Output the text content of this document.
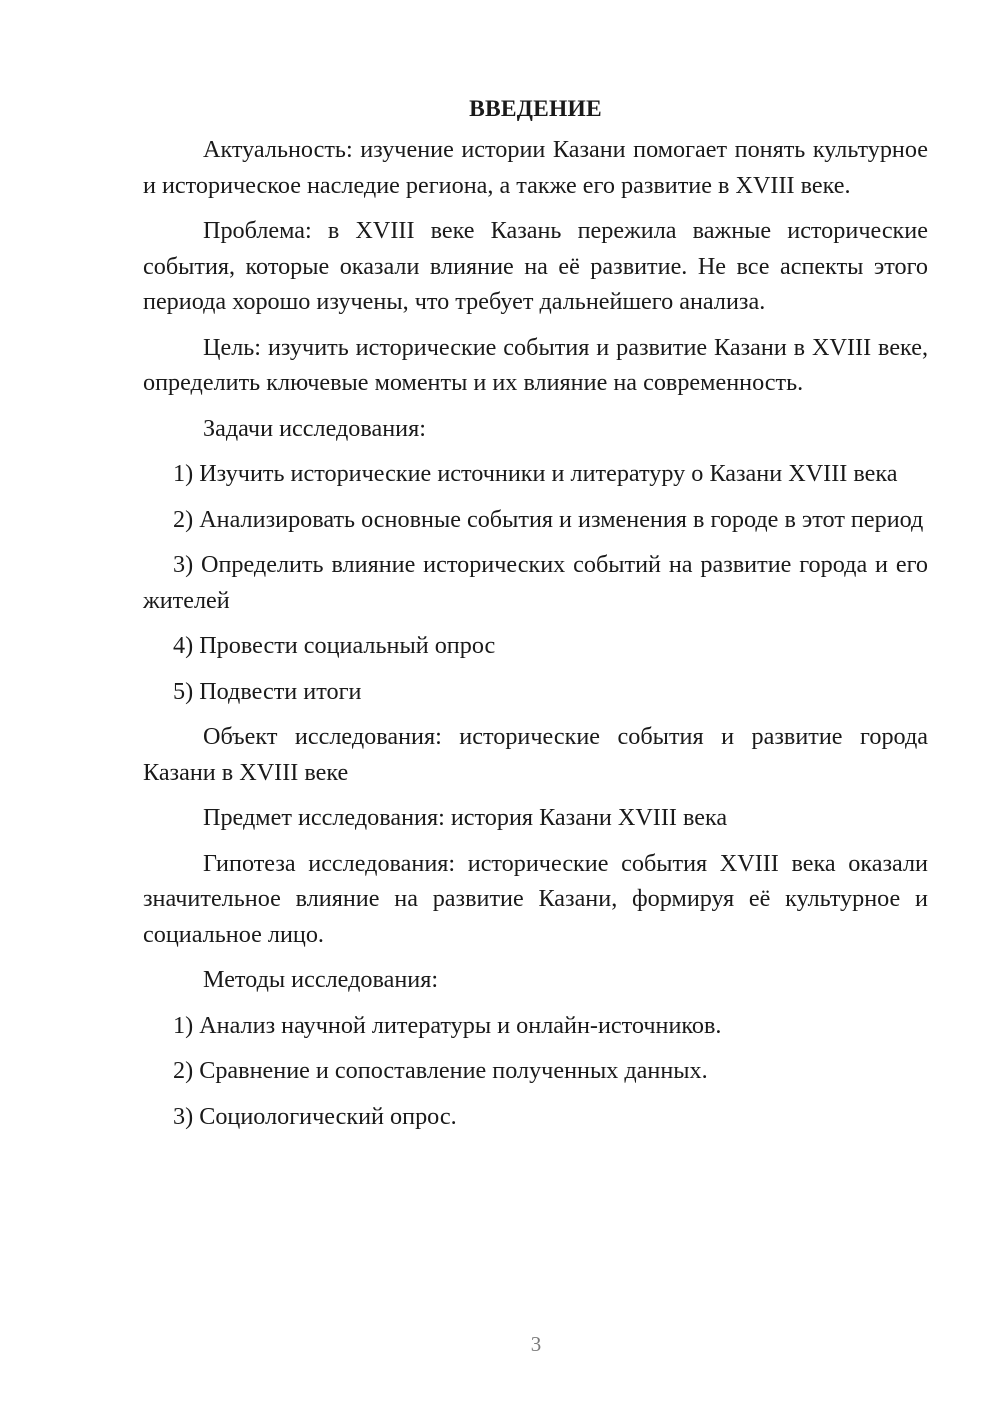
ВВЕДЕНИЕ
Актуальность: изучение истории Казани помогает понять культурное и историческое наследие региона, а также его развитие в XVIII веке.
Проблема: в XVIII веке Казань пережила важные исторические события, которые оказали влияние на её развитие. Не все аспекты этого периода хорошо изучены, что требует дальнейшего анализа.
Цель: изучить исторические события и развитие Казани в XVIII веке, определить ключевые моменты и их влияние на современность.
Задачи исследования:
1) Изучить исторические источники и литературу о Казани XVIII века
2) Анализировать основные события и изменения в городе в этот период
3) Определить влияние исторических событий на развитие города и его жителей
4) Провести социальный опрос
5) Подвести итоги
Объект исследования: исторические события и развитие города Казани в XVIII веке
Предмет исследования: история Казани XVIII века
Гипотеза исследования: исторические события XVIII века оказали значительное влияние на развитие Казани, формируя её культурное и социальное лицо.
Методы исследования:
1) Анализ научной литературы и онлайн-источников.
2) Сравнение и сопоставление полученных данных.
3) Социологический опрос.
3
